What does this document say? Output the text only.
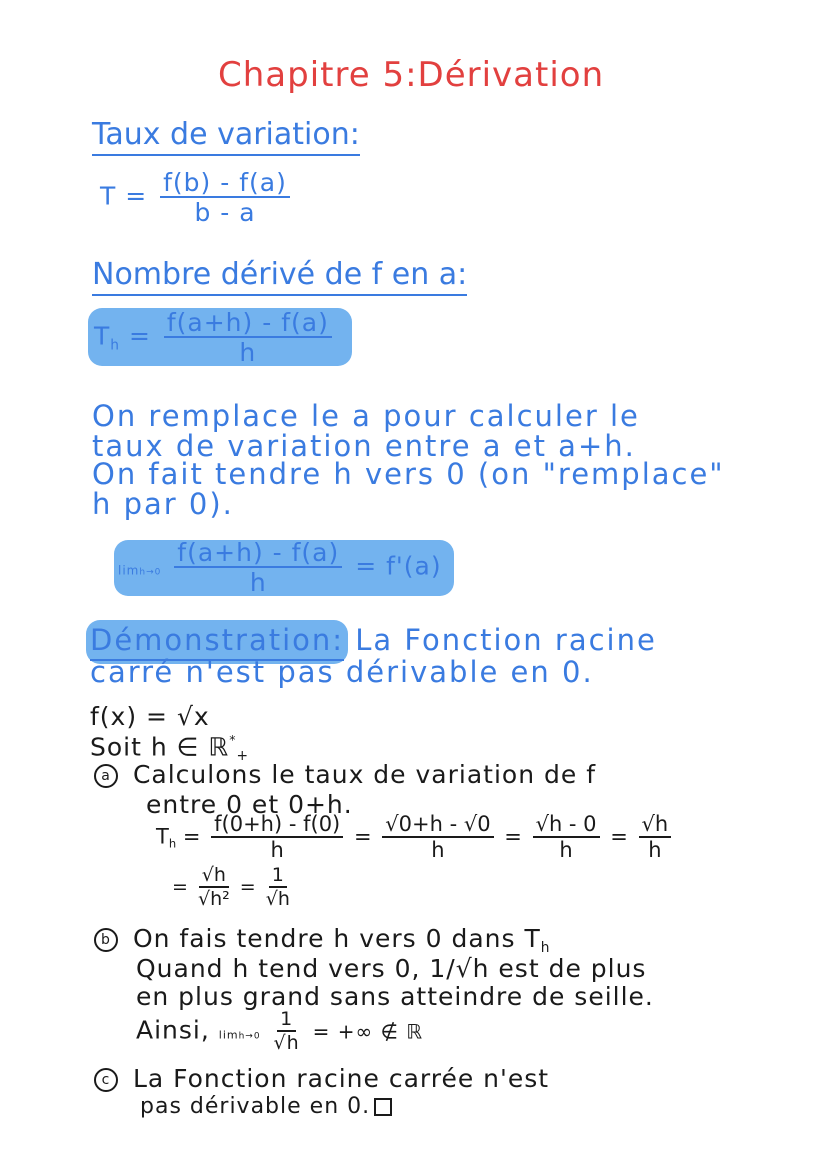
Chapitre 5:Dérivation
Taux de variation:
$T = \frac{f(b) - f(a)}{b - a}$
Nombre dérivé de f en a:
$T_h = \frac{f(a+h) - f(a)}{h}$
On remplace le a pour calculer le
taux de variation entre a et a+h.
On fait tendre h vers 0 (on "remplace"
h par 0).
$\lim h\to 0 \frac{f(a+h) - f(a)}{h} = f'(a)$
Démonstration: La Fonction racine
carré n'est pas dérivable en 0.
f(x) = √x
Soit h ∈ ℝ*$_+$
a Calculons le taux de variation de f
entre 0 et 0+h.
$T_h = \frac{f(0+h) - f(0)}{h} = \frac{√0+h - √0}{h} = \frac{√h - 0}{h} = \frac{√h}{h}$
= $\frac{√h}{\text{√h²}} = \frac{1}{√h}$
b On fais tendre h vers 0 dans $T_h$
Quand h tend vers 0, 1/√h est de plus
en plus grand sans atteindre de seille.
Ainsi, $\lim h\to 0 \frac{1}{√h}$ = +∞ ∉ ℝ
c La Fonction racine carrée n'est
pas dérivable en 0.
